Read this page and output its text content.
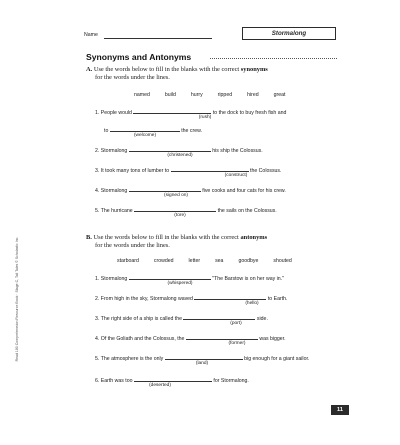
Name	Stormalong
Synonyms and Antonyms
A. Use the words below to fill in the blanks with the correct synonyms
for the words under the lines.
named	build	hurry	ripped	hired	great
1. People would	to the dock to buy fresh fish and
(rush)
to	the crew.
(welcome)
2. Stormalong	his ship the Colossus.
(christened)
3. It took many tons of lumber to	the Colossus.
(construct)
4. Stormalong	five cooks and four cats for his crew.
(signed on)
5. The hurricane	the sails on the Colossus.
(tore)
B. Use the words below to fill in the blanks with the correct antonyms
for the words under the lines.
starboard	crowded	letter	sea	goodbye	shouted
1. Stormalong	"The Barstow is on her way in."
(whispered)
2. From high in the sky, Stormalong waved	to Earth.
(hello)
3. The right side of a ship is called the	side.
(port)
4. Of the Goliath and the Colossus, the	was bigger.
(former)
5. The atmosphere is the only	big enough for a giant sailor.
(land)
6. Earth was too	for Stormalong.
(deserted)
Read 180 Comprehension Resource Book · Stage C, Tall Tales © Scholastic Inc.
11
